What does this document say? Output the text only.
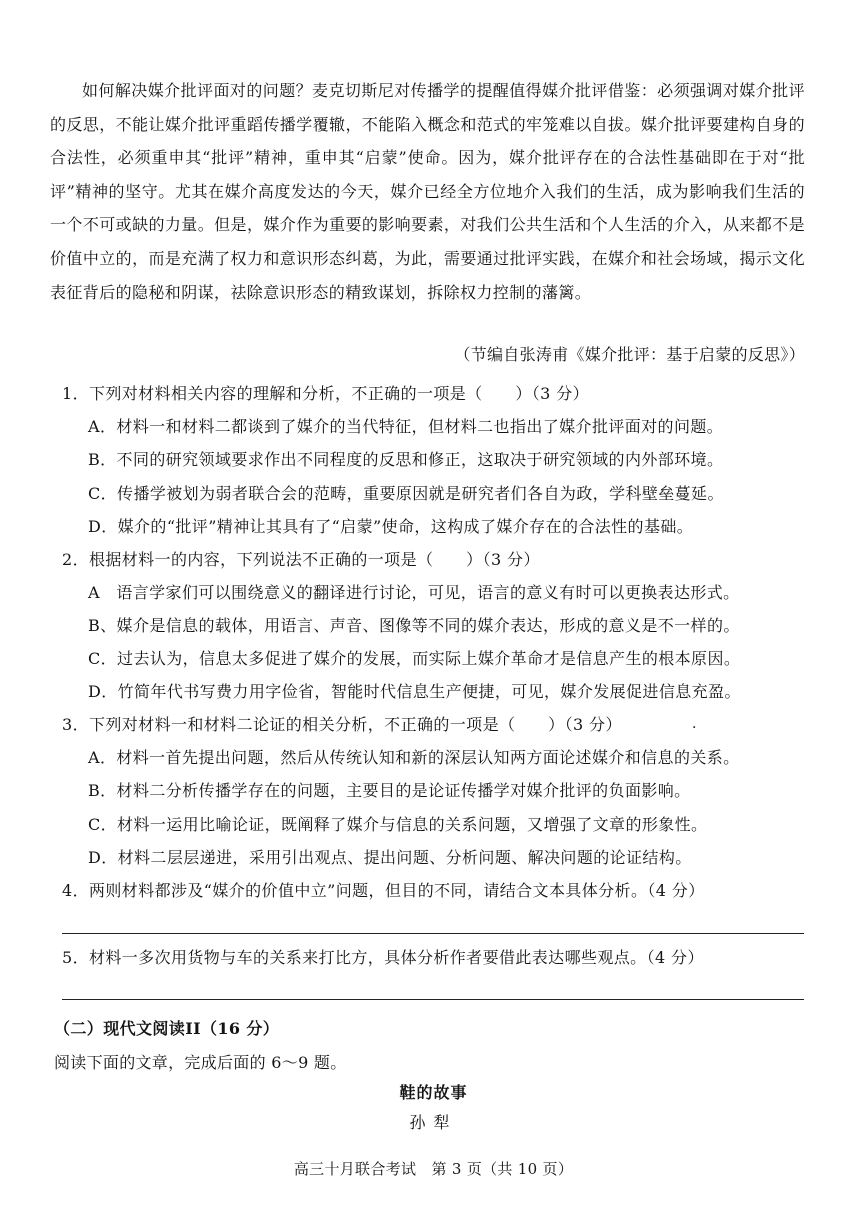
如何解决媒介批评面对的问题？麦克切斯尼对传播学的提醒值得媒介批评借鉴：必须强调对媒介批评的反思，不能让媒介批评重蹈传播学覆辙，不能陷入概念和范式的牢笼难以自拔。媒介批评要建构自身的合法性，必须重申其“批评”精神，重申其“启蒙”使命。因为，媒介批评存在的合法性基础即在于对“批评”精神的坚守。尤其在媒介高度发达的今天，媒介已经全方位地介入我们的生活，成为影响我们生活的一个不可或缺的力量。但是，媒介作为重要的影响要素，对我们公共生活和个人生活的介入，从来都不是价值中立的，而是充满了权力和意识形态纠葛，为此，需要通过批评实践，在媒介和社会场域，揭示文化表征背后的隐秘和阴谋，祛除意识形态的精致谋划，拆除权力控制的藩篱。
（节编自张涛甫《媒介批评：基于启蒙的反思》）
1．下列对材料相关内容的理解和分析，不正确的一项是（　　）（3 分）
A．材料一和材料二都谈到了媒介的当代特征，但材料二也指出了媒介批评面对的问题。
B．不同的研究领域要求作出不同程度的反思和修正，这取决于研究领域的内外部环境。
C．传播学被划为弱者联合会的范畴，重要原因就是研究者们各自为政，学科壁垒蔓延。
D．媒介的“批评”精神让其具有了“启蒙”使命，这构成了媒介存在的合法性的基础。
2．根据材料一的内容，下列说法不正确的一项是（　　）（3 分）
A　语言学家们可以围绕意义的翻译进行讨论，可见，语言的意义有时可以更换表达形式。
B、媒介是信息的载体，用语言、声音、图像等不同的媒介表达，形成的意义是不一样的。
C．过去认为，信息太多促进了媒介的发展，而实际上媒介革命才是信息产生的根本原因。
D．竹简年代书写费力用字俭省，智能时代信息生产便捷，可见，媒介发展促进信息充盈。
3．下列对材料一和材料二论证的相关分析，不正确的一项是（　　）（3 分）	.
A．材料一首先提出问题，然后从传统认知和新的深层认知两方面论述媒介和信息的关系。
B．材料二分析传播学存在的问题，主要目的是论证传播学对媒介批评的负面影响。
C．材料一运用比喻论证，既阐释了媒介与信息的关系问题，又增强了文章的形象性。
D．材料二层层递进，采用引出观点、提出问题、分析问题、解决问题的论证结构。
4．两则材料都涉及“媒介的价值中立”问题，但目的不同，请结合文本具体分析。（4 分）
5．材料一多次用货物与车的关系来打比方，具体分析作者要借此表达哪些观点。（4 分）
（二）现代文阅读II（16 分）
阅读下面的文章，完成后面的 6～9 题。
鞋的故事
孙犁
高三十月联合考试　第 3 页（共 10 页）
